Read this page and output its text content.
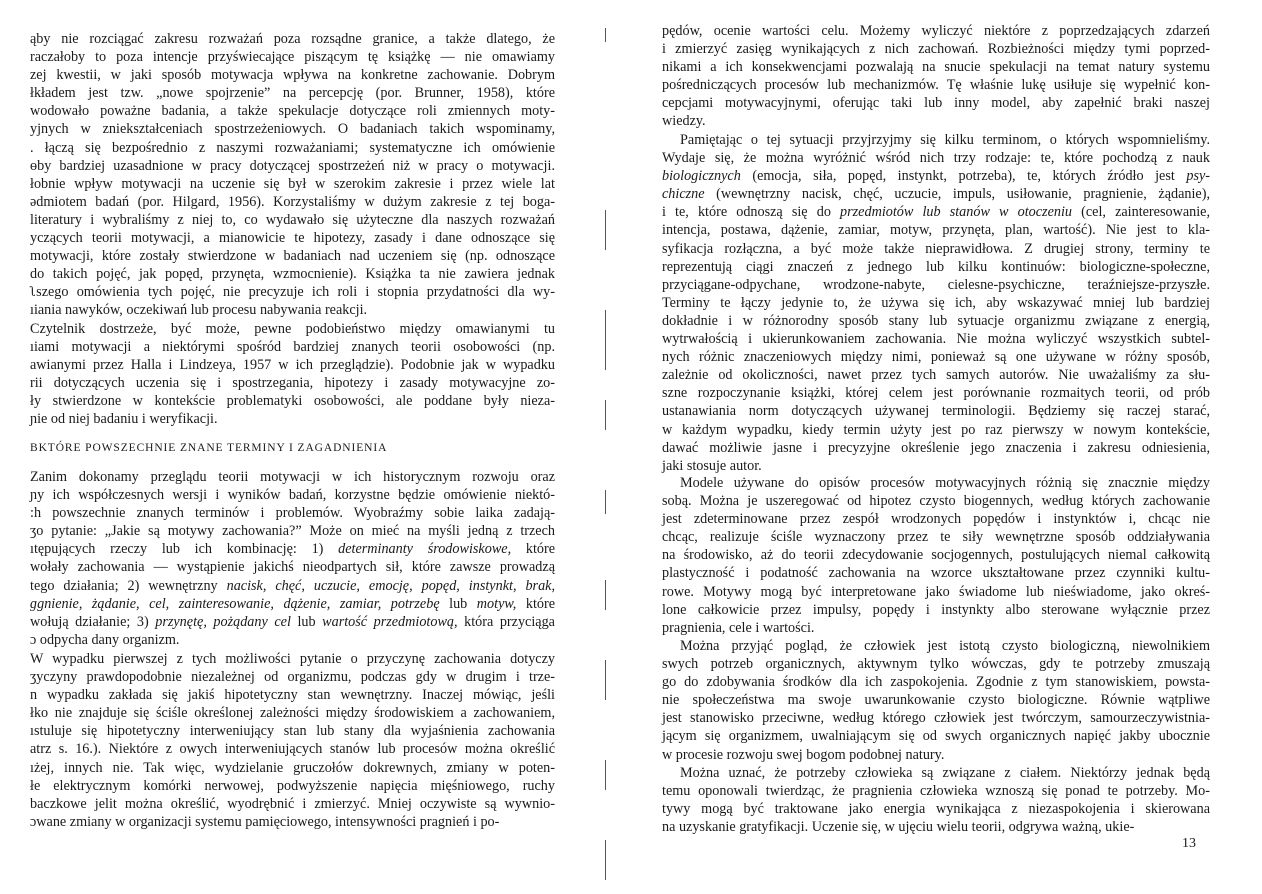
ąby nie rozciągać zakresu rozważań poza rozsądne granice, a także dlatego, że
raczałoby to poza intencje przyświecające piszącym tę książkę — nie omawiamy
zej kwestii, w jaki sposób motywacja wpływa na konkretne zachowanie. Dobrym
łkładem jest tzw. „nowe spojrzenie” na percepcję (por. Brunner, 1958), które
wodowało poważne badania, a także spekulacje dotyczące roli zmiennych moty-
yjnych w zniekształceniach spostrzeżeniowych. O badaniach takich wspominamy,
. łączą się bezpośrednio z naszymi rozważaniami; systematyczne ich omówienie
ɵby bardziej uzasadnione w pracy dotyczącej spostrzeżeń niż w pracy o motywacji.
łobnie wpływ motywacji na uczenie się był w szerokim zakresie i przez wiele lat
ədmiotem badań (por. Hilgard, 1956). Korzystaliśmy w dużym zakresie z tej boga-
literatury i wybraliśmy z niej to, co wydawało się użyteczne dla naszych rozważań
yczących teorii motywacji, a mianowicie te hipotezy, zasady i dane odnoszące się
motywacji, które zostały stwierdzone w badaniach nad uczeniem się (np. odnoszące
do takich pojęć, jak popęd, przynęta, wzmocnienie). Książka ta nie zawiera jednak
ʅszego omówienia tych pojęć, nie precyzuje ich roli i stopnia przydatności dla wy-
ıiania nawyków, oczekiwań lub procesu nabywania reakcji.
Czytelnik dostrzeże, być może, pewne podobieństwo między omawianymi tu
ıiami motywacji a niektórymi spośród bardziej znanych teorii osobowości (np.
awianymi przez Halla i Lindzeya, 1957 w ich przeglądzie). Podobnie jak w wypadku
rii dotyczących uczenia się i spostrzegania, hipotezy i zasady motywacyjne zo-
ły stwierdzone w kontekście problematyki osobowości, ale poddane były nieza-
ɲie od niej badaniu i weryfikacji.
ВKTÓRE POWSZECHNIE ZNANE TERMINY I ZAGADNIENIA
Zanim dokonamy przeglądu teorii motywacji w ich historycznym rozwoju oraz
ɲy ich współczesnych wersji i wyników badań, korzystne będzie omówienie niektó-
:h powszechnie znanych terminów i problemów. Wyobraźmy sobie laika zadają-
ʒo pytanie: „Jakie są motywy zachowania?” Może on mieć na myśli jedną z trzech
ıtępujących rzeczy lub ich kombinację: 1) determinanty środowiskowe, które
wołały zachowania — wystąpienie jakichś nieodpartych sił, które zawsze prowadzą
tego działania; 2) wewnętrzny nacisk, chęć, uczucie, emocję, popęd, instynkt, brak,
ɡgnienie, żądanie, cel, zainteresowanie, dążenie, zamiar, potrzebę lub motyw, które
wołują działanie; 3) przynętę, pożądany cel lub wartość przedmiotową, która przyciąga
ɔ odpycha dany organizm.
W wypadku pierwszej z tych możliwości pytanie o przyczynę zachowania dotyczy
ʒyczyny prawdopodobnie niezależnej od organizmu, podczas gdy w drugim i trze-
n wypadku zakłada się jakiś hipotetyczny stan wewnętrzny. Inaczej mówiąc, jeśli
łko nie znajduje się ściśle określonej zależności między środowiskiem a zachowaniem,
ıstuluje się hipotetyczny interweniujący stan lub stany dla wyjaśnienia zachowania
atrz s. 16.). Niektóre z owych interweniujących stanów lub procesów można określić
ıżej, innych nie. Tak więc, wydzielanie gruczołów dokrewnych, zmiany w poten-
łe elektrycznym komórki nerwowej, podwyższenie napięcia mięśniowego, ruchy
baczkowe jelit można określić, wyodrębnić i zmierzyć. Mniej oczywiste są wywnio-
ɔwane zmiany w organizacji systemu pamięciowego, intensywności pragnień i po-
pędów, ocenie wartości celu. Możemy wyliczyć niektóre z poprzedzających zdarzeń
i zmierzyć zasięg wynikających z nich zachowań. Rozbieżności między tymi poprzed-
nikami a ich konsekwencjami pozwalają na snucie spekulacji na temat natury systemu
pośredniczących procesów lub mechanizmów. Tę właśnie lukę usiłuje się wypełnić kon-
cepcjami motywacyjnymi, oferując taki lub inny model, aby zapełnić braki naszej
wiedzy.
Pamiętając o tej sytuacji przyjrzyjmy się kilku terminom, o których wspomnieliśmy.
Wydaje się, że można wyróżnić wśród nich trzy rodzaje: te, które pochodzą z nauk
biologicznych (emocja, siła, popęd, instynkt, potrzeba), te, których źródło jest psy-
chiczne (wewnętrzny nacisk, chęć, uczucie, impuls, usiłowanie, pragnienie, żądanie),
i te, które odnoszą się do przedmiotów lub stanów w otoczeniu (cel, zainteresowanie,
intencja, postawa, dążenie, zamiar, motyw, przynęta, plan, wartość). Nie jest to kla-
syfikacja rozłączna, a być może także nieprawidłowa. Z drugiej strony, terminy te
reprezentują ciągi znaczeń z jednego lub kilku kontinuów: biologiczne-społeczne,
przyciągane-odpychane, wrodzone-nabyte, cielesne-psychiczne, teraźniejsze-przyszłe.
Terminy te łączy jedynie to, że używa się ich, aby wskazywać mniej lub bardziej
dokładnie i w różnorodny sposób stany lub sytuacje organizmu związane z energią,
wytrwałością i ukierunkowaniem zachowania. Nie można wyliczyć wszystkich subtel-
nych różnic znaczeniowych między nimi, ponieważ są one używane w różny sposób,
zależnie od okoliczności, nawet przez tych samych autorów. Nie uważaliśmy za słu-
szne rozpoczynanie książki, której celem jest porównanie rozmaitych teorii, od prób
ustanawiania norm dotyczących używanej terminologii. Będziemy się raczej starać,
w każdym wypadku, kiedy termin użyty jest po raz pierwszy w nowym kontekście,
dawać możliwie jasne i precyzyjne określenie jego znaczenia i zakresu odniesienia,
jaki stosuje autor.
Modele używane do opisów procesów motywacyjnych różnią się znacznie między
sobą. Można je uszeregować od hipotez czysto biogennych, według których zachowanie
jest zdeterminowane przez zespół wrodzonych popędów i instynktów i, chcąc nie
chcąc, realizuje ściśle wyznaczony przez te siły wewnętrzne sposób oddziaływania
na środowisko, aż do teorii zdecydowanie socjogennych, postulujących niemal całkowitą
plastyczność i podatność zachowania na wzorce ukształtowane przez czynniki kultu-
rowe. Motywy mogą być interpretowane jako świadome lub nieświadome, jako okreś-
lone całkowicie przez impulsy, popędy i instynkty albo sterowane wyłącznie przez
pragnienia, cele i wartości.
Można przyjąć pogląd, że człowiek jest istotą czysto biologiczną, niewolnikiem
swych potrzeb organicznych, aktywnym tylko wówczas, gdy te potrzeby zmuszają
go do zdobywania środków dla ich zaspokojenia. Zgodnie z tym stanowiskiem, powsta-
nie społeczeństwa ma swoje uwarunkowanie czysto biologiczne. Równie wątpliwe
jest stanowisko przeciwne, według którego człowiek jest twórczym, samourzeczywistnia-
jącym się organizmem, uwalniającym się od swych organicznych napięć jakby ubocznie
w procesie rozwoju swej bogom podobnej natury.
Można uznać, że potrzeby człowieka są związane z ciałem. Niektórzy jednak będą
temu oponowali twierdząc, że pragnienia człowieka wznoszą się ponad te potrzeby. Mo-
tywy mogą być traktowane jako energia wynikająca z niezaspokojenia i skierowana
na uzyskanie gratyfikacji. Uczenie się, w ujęciu wielu teorii, odgrywa ważną, ukie-
13
